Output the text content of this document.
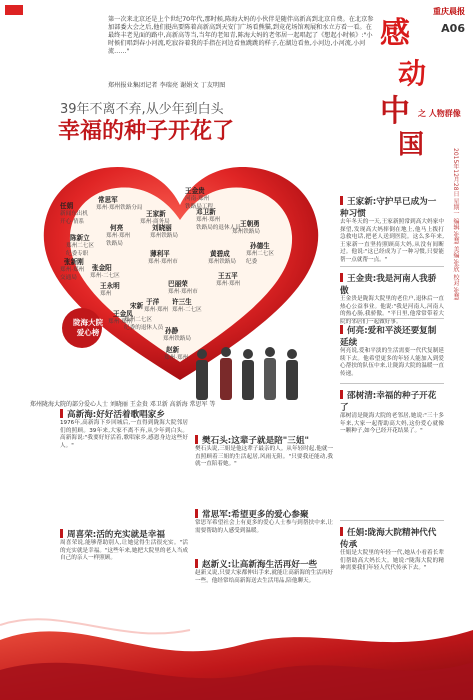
重庆晨报
A06
第一次来北京还是上个世纪70年代,那时候,陈海大妈的小伙伴是随伴高新高到北京自费。在北京参加部委大会之后,他们挺出要陈着高新高到天安门广场看熊猫,到竟花场馆观展和水立方看一看。在最终丰老见面的路中,高新高等当,当年的老知青,陈海大妈的老邻居一起唱起了《想起小时候》:"小时候们唱到春小河流,吃寂谷着我的手指在河边看鱼跳跳的样子,在湖边看鱼,小河边,小河流,小河流……"
郑州报业集团记者 李瑞亮 谢娟文 丁友明图
感
动
中
国
之 人物群像
2015年12月28日 星期一 编辑:张慧 美编:张欣 校对:张慧
39年不离不弃,从少年到白头
幸福的种子开花了
陇海大院 爱心榜
任娟
常思军
王家新
陈新立
王金贵
邓卫新
刘晓丽
何亮
张金阳
张新刚
孙德生
薄利平
王朝勇
宋新 于洋
孙静
许三生
王金凤
巴丽荣
黄碧成
王五平
王永明
赵新
新闻东出机
开心·情系
郑州·郑州铁路分局
郑州·商务局
郑州二七区
纪委专职
河南·郑州
铁路局工程
郑州·郑州
铁路局的退休人员
郑州铁路局
郑州·郑州
铁路局
郑州·二七区
郑州·郑州
交通局
郑州铁路局
郑州铁路局
郑州·郑州市
郑州二七区
纪委
郑州·郑州
郑州·郑州市
郑州
郑州·二七区
郑州·郑州
郑州二七区
纪委的退休人员
郑州·郑州
郑州铁路局
郑州·郑州
郑州陇海大院的部分爱心人士 刘晓丽 王金贵 邓卫新 高新海 常思军 等
王家新:守护早已成为一种习惯
去年冬天的一天,王家新照常到高大妈家中探望,发现高大妈摔倒在地上,他马上拨打急救电话,把老人送到医院。这么多年来,王家新一直坚持照顾高大妈,从没有间断过。他说:"这已经成为了一种习惯,只要能帮一点就帮一点。"
王金贵:我是河南人我骄傲
王金贵是陇海大院里的老住户,退休后一直热心公益事业。他说:"我是河南人,河南人的热心肠,我骄傲。"平日里,他常常带着大院的邻居们一起做好事。
何亮:爱和平淡还要复制延续
何亮说,爱和平淡的生活需要一代代复制延续下去。他希望更多的年轻人能加入到爱心帮扶的队伍中来,让陇海大院的温暖一直传递。
邵树清:幸福的种子开花了
邵树清是陇海大院的老邻居,她说:"三十多年来,大家一起帮助高大妈,这份爱心就像一颗种子,如今已经开花结果了。"
任娟:陇海大院精神代代传承
任娟是大院里的年轻一代,她从小看着长辈们帮助高大妈长大。她说:"陇海大院的精神需要我们年轻人代代传承下去。"
高新海:好好活着歌唱家乡
1976年,高新海下乡回城后,一直得到陇海大院邻居们的照顾。39年来,大家不离不弃,从少年到白头。高新海说:"我要好好活着,歌唱家乡,感恩身边这些好人。"	樊石头:这辈子就是陪"三姐"
樊石头说,三姐是他这辈子最亲的人。从年轻时起,他就一直照顾着三姐的生活起居,风雨无阻。"只要我还能动,我就一直陪着她。"
周喜荣:活的充实就是幸福
周喜荣说,能够帮助别人,让她觉得生活很充实。"活的充实就是幸福。"这些年来,她把大院里的老人当成自己的亲人一样照顾。
常思军:希望更多的爱心参聚
常思军希望社会上有更多的爱心人士参与到帮扶中来,让需要帮助的人感受到温暖。
赵新义:让高新海生活再好一些
赵新义说,只要大家都伸出手来,就能让高新海的生活再好一些。他经常给高新海送去生活用品,陪他聊天。
